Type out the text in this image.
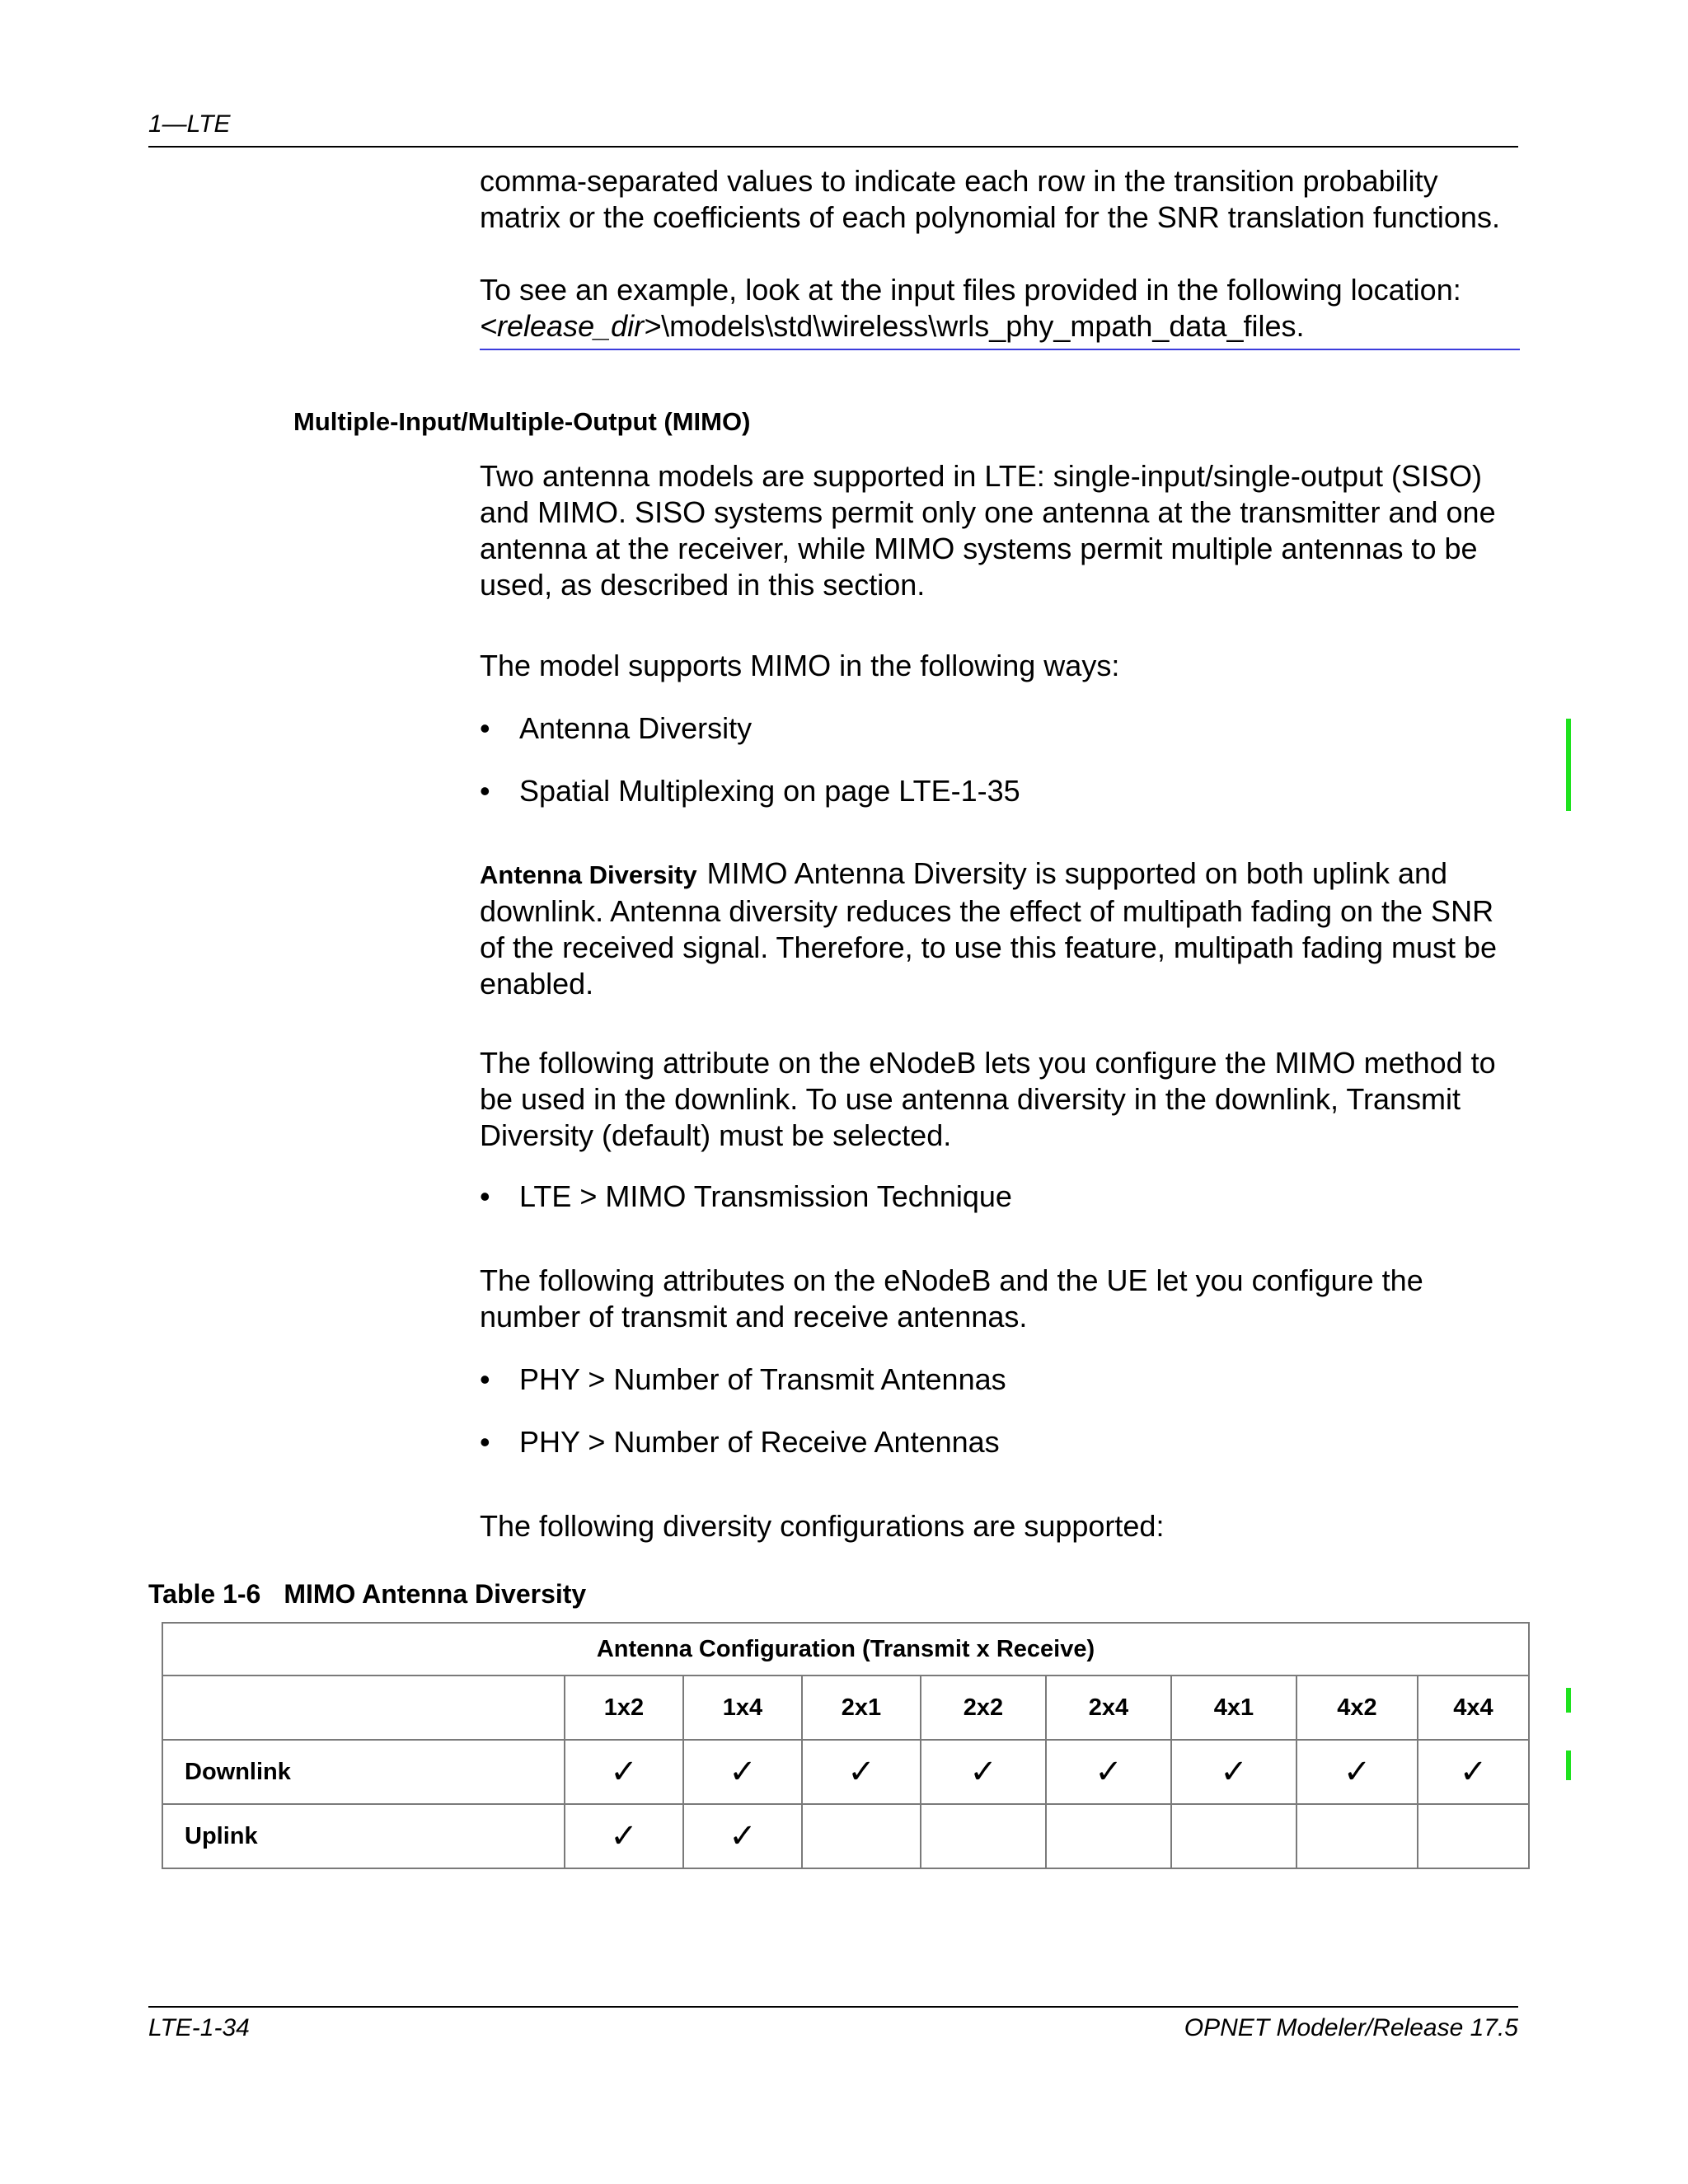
1—LTE
comma-separated values to indicate each row in the transition probability matrix or the coefficients of each polynomial for the SNR translation functions.
To see an example, look at the input files provided in the following location:
<release_dir>\models\std\wireless\wrls_phy_mpath_data_files.
Multiple-Input/Multiple-Output (MIMO)
Two antenna models are supported in LTE: single-input/single-output (SISO) and MIMO. SISO systems permit only one antenna at the transmitter and one antenna at the receiver, while MIMO systems permit multiple antennas to be used, as described in this section.
The model supports MIMO in the following ways:
• Antenna Diversity
• Spatial Multiplexing on page LTE-1-35
Antenna Diversity MIMO Antenna Diversity is supported on both uplink and downlink. Antenna diversity reduces the effect of multipath fading on the SNR of the received signal. Therefore, to use this feature, multipath fading must be enabled.
The following attribute on the eNodeB lets you configure the MIMO method to be used in the downlink. To use antenna diversity in the downlink, Transmit Diversity (default) must be selected.
• LTE > MIMO Transmission Technique
The following attributes on the eNodeB and the UE let you configure the number of transmit and receive antennas.
• PHY > Number of Transmit Antennas
• PHY > Number of Receive Antennas
The following diversity configurations are supported:
Table 1-6 MIMO Antenna Diversity
Antenna Configuration (Transmit x Receive)								
	1x2	1x4	2x1	2x2	2x4	4x1	4x2	4x4
Downlink	✓	✓	✓	✓	✓	✓	✓	✓
Uplink	✓	✓						
LTE-1-34	OPNET Modeler/Release 17.5
